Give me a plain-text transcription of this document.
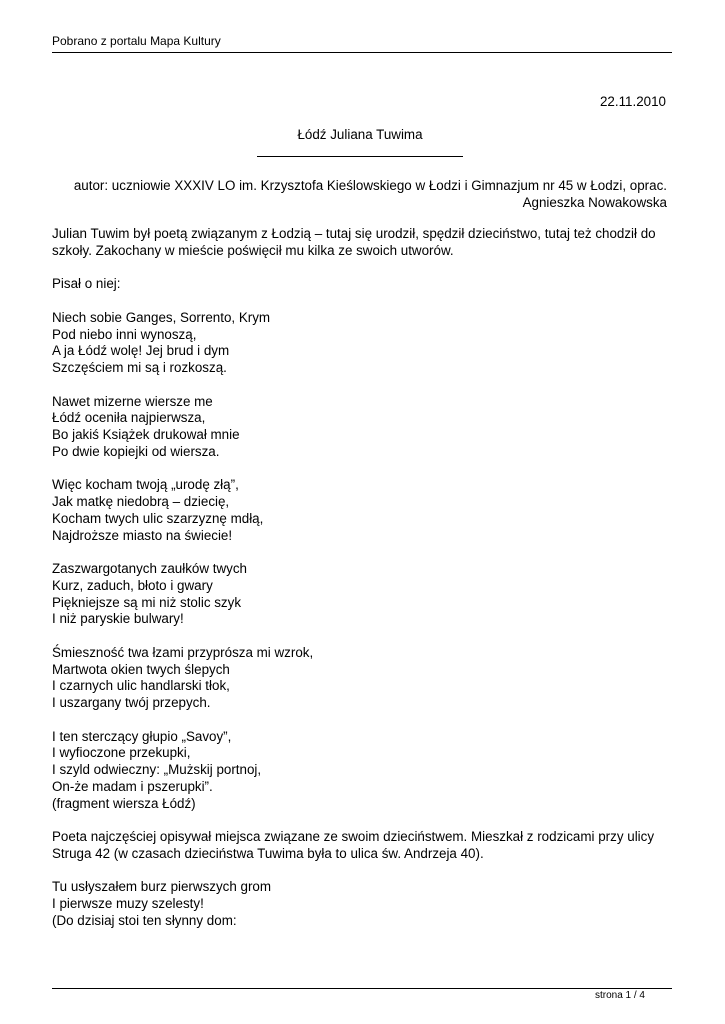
Pobrano z portalu Mapa Kultury
22.11.2010
Łódź Juliana Tuwima
autor: uczniowie XXXIV LO im. Krzysztofa Kieślowskiego w Łodzi i Gimnazjum nr 45 w Łodzi, oprac.
Agnieszka Nowakowska

Julian Tuwim był poetą związanym z Łodzią – tutaj się urodził, spędził dzieciństwo, tutaj też chodził do
szkoły. Zakochany w mieście poświęcił mu kilka ze swoich utworów.

Pisał o niej:

Niech sobie Ganges, Sorrento, Krym
Pod niebo inni wynoszą,
A ja Łódź wolę! Jej brud i dym
Szczęściem mi są i rozkoszą.

Nawet mizerne wiersze me
Łódź oceniła najpierwsza,
Bo jakiś Książek drukował mnie
Po dwie kopiejki od wiersza.

Więc kocham twoją „urodę złą”,
Jak matkę niedobrą – dziecię,
Kocham twych ulic szarzyznę mdłą,
Najdroższe miasto na świecie!

Zaszwargotanych zaułków twych
Kurz, zaduch, błoto i gwary
Piękniejsze są mi niż stolic szyk
I niż paryskie bulwary!

Śmieszność twa łzami przyprósza mi wzrok,
Martwota okien twych ślepych
I czarnych ulic handlarski tłok,
I uszargany twój przepych.

I ten sterczący głupio „Savoy”,
I wyfioczone przekupki,
I szyld odwieczny: „Mużskij portnoj,
On-że madam i pszerupki”.
(fragment wiersza Łódź)

Poeta najczęściej opisywał miejsca związane ze swoim dzieciństwem. Mieszkał z rodzicami przy ulicy
Struga 42 (w czasach dzieciństwa Tuwima była to ulica św. Andrzeja 40).

Tu usłyszałem burz pierwszych grom
I pierwsze muzy szelesty!
(Do dzisiaj stoi ten słynny dom:

strona 1 / 4
